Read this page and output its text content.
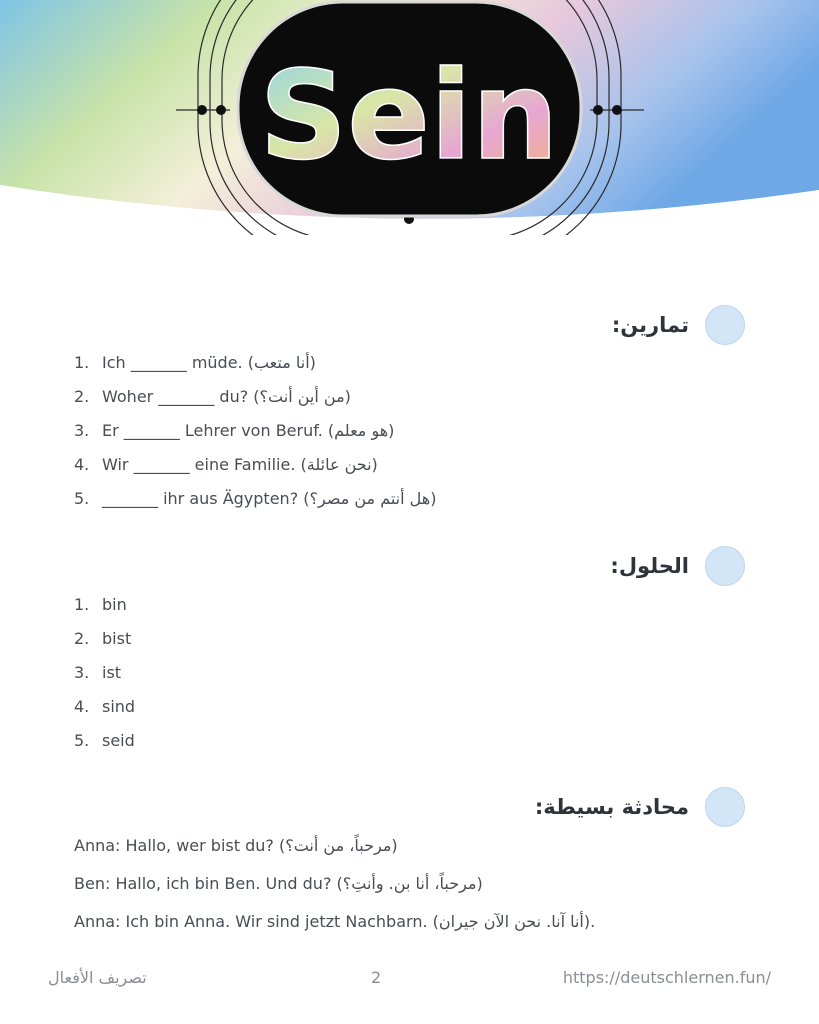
Sein
تمارين:
1. Ich _______ müde. (أنا متعب)
2. Woher _______ du? (من أين أنت؟)
3. Er _______ Lehrer von Beruf. (هو معلم)
4. Wir _______ eine Familie. (نحن عائلة)
5. _______ ihr aus Ägypten? (هل أنتم من مصر؟)
الحلول:
1. bin
2. bist
3. ist
4. sind
5. seid
محادثة بسيطة:
Anna: Hallo, wer bist du? (مرحباً، من أنت؟)
Ben: Hallo, ich bin Ben. Und du? (مرحباً، أنا بن. وأنتِ؟)
Anna: Ich bin Anna. Wir sind jetzt Nachbarn. (أنا آنا. نحن الآن جيران).
تصريف الأفعال	2	https://deutschlernen.fun/
